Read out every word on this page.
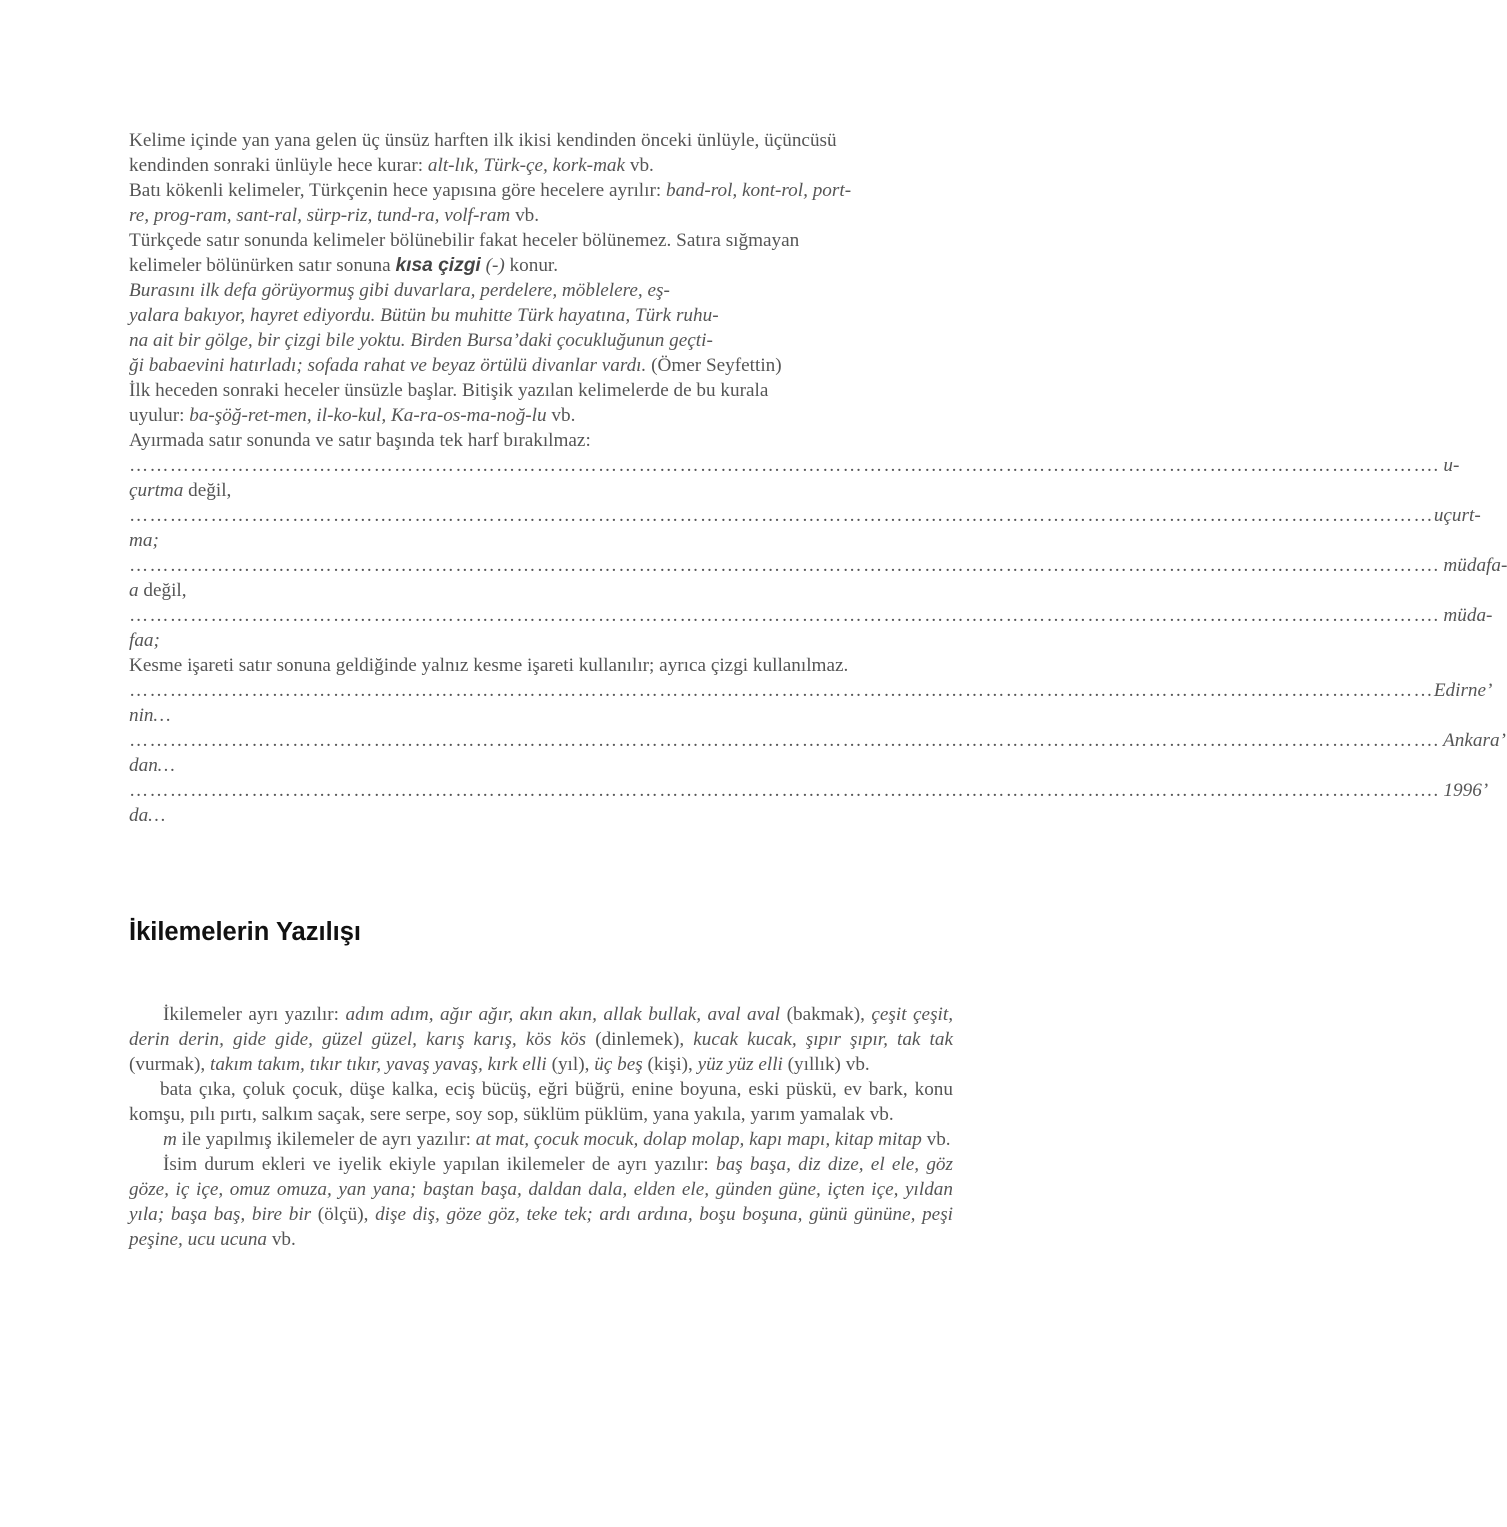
Kelime içinde yan yana gelen üç ünsüz harften ilk ikisi kendinden önceki ünlüyle, üçüncüsü
kendinden sonraki ünlüyle hece kurar: alt-lık, Türk-çe, kork-mak vb.
Batı kökenli kelimeler, Türkçenin hece yapısına göre hecelere ayrılır: band-rol, kont-rol, port-
re, prog-ram, sant-ral, sürp-riz, tund-ra, volf-ram vb.
Türkçede satır sonunda kelimeler bölünebilir fakat heceler bölünemez. Satıra sığmayan
kelimeler bölünürken satır sonuna kısa çizgi (-) konur.
Burasını ilk defa görüyormuş gibi duvarlara, perdelere, möblelere, eş-
yalara bakıyor, hayret ediyordu. Bütün bu muhitte Türk hayatına, Türk ruhu-
na ait bir gölge, bir çizgi bile yoktu. Birden Bursa’daki çocukluğunun geçti-
ği babaevini hatırladı; sofada rahat ve beyaz örtülü divanlar vardı. (Ömer Seyfettin)
İlk heceden sonraki heceler ünsüzle başlar. Bitişik yazılan kelimelerde de bu kurala
uyulur: ba-şöğ-ret-men, il-ko-kul, Ka-ra-os-ma-noğ-lu vb.
Ayırmada satır sonunda ve satır başında tek harf bırakılmaz:
………………………………………………………………………………………………………………………………………………………………………… . u-
çurtma değil,
………………………………………………………………………………………………………………………………………………………………………… uçurt-
ma;
………………………………………………………………………………………………………………………………………………………………………… . müdafa-
a değil,
………………………………………………………………………………………………………………………………………………………………………… . müda-
faa;
Kesme işareti satır sonuna geldiğinde yalnız kesme işareti kullanılır; ayrıca çizgi kullanılmaz.
………………………………………………………………………………………………………………………………………………………………………… Edirne’
nin…
………………………………………………………………………………………………………………………………………………………………………… . Ankara’
dan…
………………………………………………………………………………………………………………………………………………………………………… . 1996’
da…
İkilemelerin Yazılışı

İkilemeler ayrı yazılır: adım adım, ağır ağır, akın akın, allak bullak, aval aval (bakmak), çeşit çeşit, derin derin, gide gide, güzel güzel, karış karış, kös kös (dinlemek), kucak kucak, şıpır şıpır, tak tak (vurmak), takım takım, tıkır tıkır, yavaş yavaş, kırk elli (yıl), üç beş (kişi), yüz yüz elli (yıllık) vb.

bata çıka, çoluk çocuk, düşe kalka, eciş bücüş, eğri büğrü, enine boyuna, eski püskü, ev bark, konu komşu, pılı pırtı, salkım saçak, sere serpe, soy sop, süklüm püklüm, yana yakıla, yarım yamalak vb.

m ile yapılmış ikilemeler de ayrı yazılır: at mat, çocuk mocuk, dolap molap, kapı mapı, kitap mitap vb.

İsim durum ekleri ve iyelik ekiyle yapılan ikilemeler de ayrı yazılır: baş başa, diz dize, el ele, göz göze, iç içe, omuz omuza, yan yana; baştan başa, daldan dala, elden ele, günden güne, içten içe, yıldan yıla; başa baş, bire bir (ölçü), dişe diş, göze göz, teke tek; ardı ardına, boşu boşuna, günü gününe, peşi peşine, ucu ucuna vb.
